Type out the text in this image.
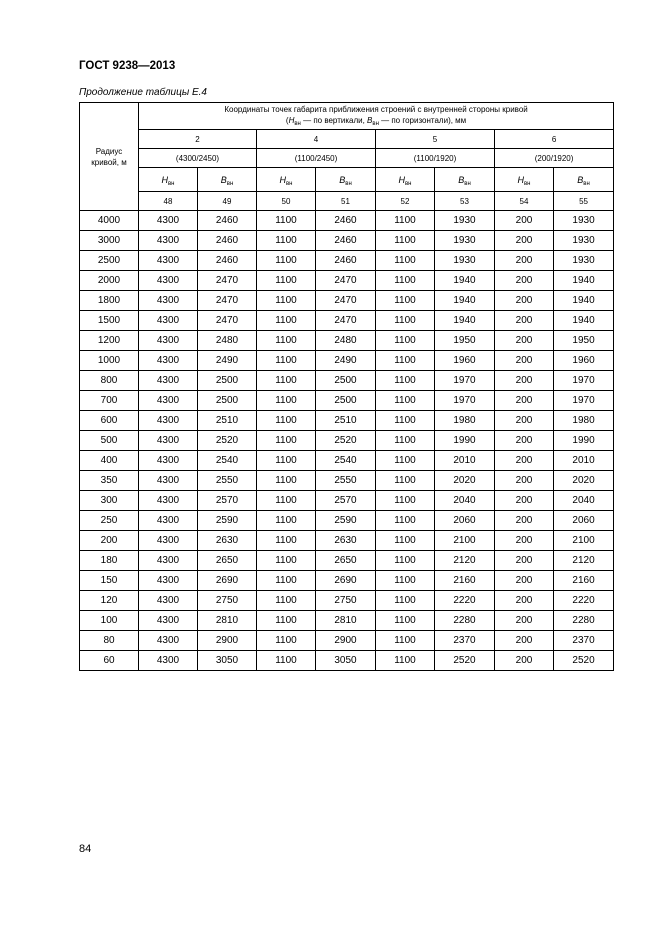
ГОСТ 9238—2013
Продолжение таблицы Е.4
Радиус
кривой, м	Координаты точек габарита приближения строений с внутренней стороны кривой
($H_{вн}$ — по вертикали, $В_{вн}$ — по горизонтали), мм							
	2		4		5		6	
	(4300/2450)		(1100/2450)		(1100/1920)		(200/1920)	
	$H_{вн}$	$В_{вн}$	$H_{вн}$	$В_{вн}$	$H_{вн}$	$В_{вн}$	$H_{вн}$	$В_{вн}$
	48	49	50	51	52	53	54	55
4000	4300	2460	1100	2460	1100	1930	200	1930
3000	4300	2460	1100	2460	1100	1930	200	1930
2500	4300	2460	1100	2460	1100	1930	200	1930
2000	4300	2470	1100	2470	1100	1940	200	1940
1800	4300	2470	1100	2470	1100	1940	200	1940
1500	4300	2470	1100	2470	1100	1940	200	1940
1200	4300	2480	1100	2480	1100	1950	200	1950
1000	4300	2490	1100	2490	1100	1960	200	1960
800	4300	2500	1100	2500	1100	1970	200	1970
700	4300	2500	1100	2500	1100	1970	200	1970
600	4300	2510	1100	2510	1100	1980	200	1980
500	4300	2520	1100	2520	1100	1990	200	1990
400	4300	2540	1100	2540	1100	2010	200	2010
350	4300	2550	1100	2550	1100	2020	200	2020
300	4300	2570	1100	2570	1100	2040	200	2040
250	4300	2590	1100	2590	1100	2060	200	2060
200	4300	2630	1100	2630	1100	2100	200	2100
180	4300	2650	1100	2650	1100	2120	200	2120
150	4300	2690	1100	2690	1100	2160	200	2160
120	4300	2750	1100	2750	1100	2220	200	2220
100	4300	2810	1100	2810	1100	2280	200	2280
80	4300	2900	1100	2900	1100	2370	200	2370
60	4300	3050	1100	3050	1100	2520	200	2520
84
